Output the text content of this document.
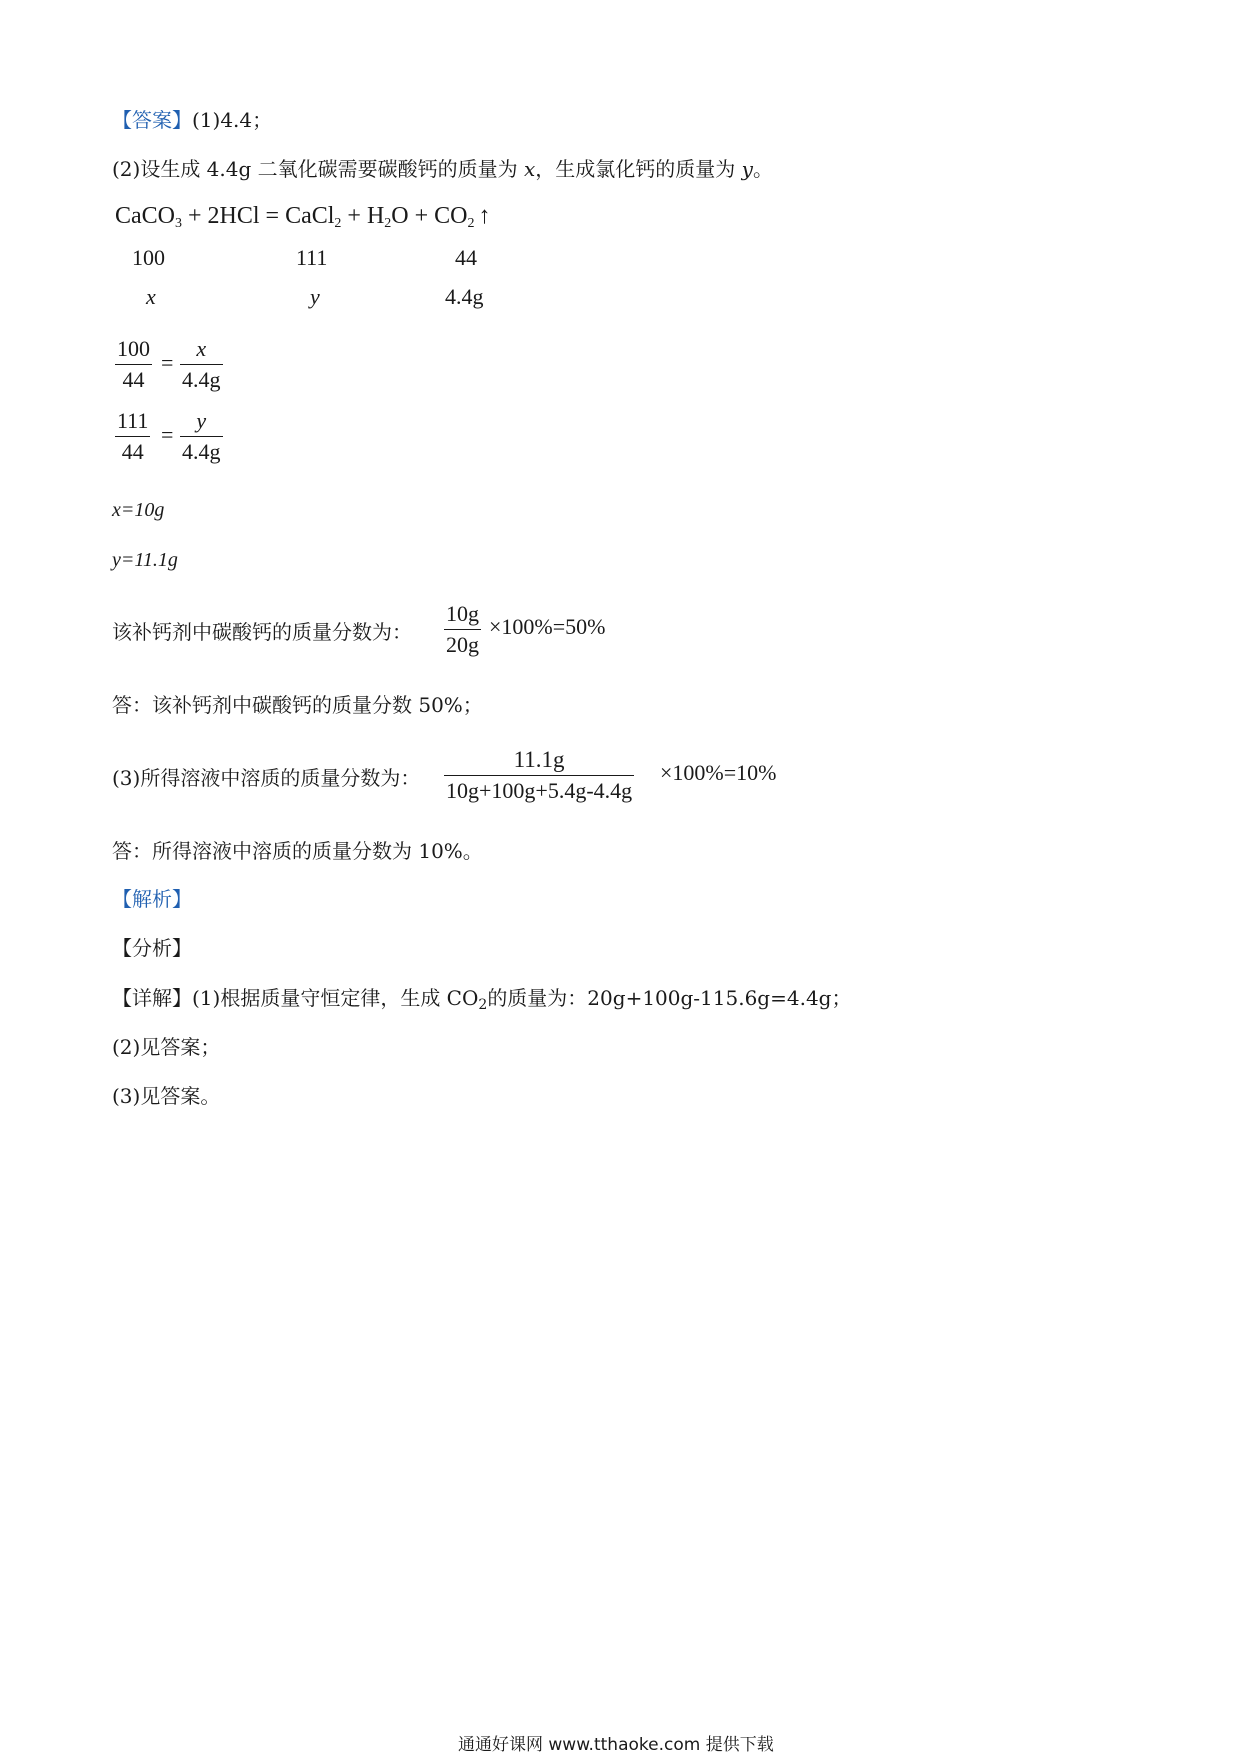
【答案】(1)4.4；
(2)设生成 4.4g 二氧化碳需要碳酸钙的质量为 x，生成氯化钙的质量为 y。
CaCO$_3$ + 2HCl = CaCl$_2$ + $H_2O + CO_2$ ↑
100	111	44
x	y	4.4g
100
44
=
x
4.4g
111
44
=
y
4.4g
x=10g
y=11.1g
该补钙剂中碳酸钙的质量分数为：
10g
20g
×100%=50%
答：该补钙剂中碳酸钙的质量分数 50%；
(3)所得溶液中溶质的质量分数为：
11.1g
10g+100g+5.4g-4.4g
×100%=10%
答：所得溶液中溶质的质量分数为 10%。
【解析】
【分析】
【详解】(1)根据质量守恒定律，生成 $CO_2$的质量为：20g+100g-115.6g=4.4g；
(2)见答案；
(3)见答案。
通通好课网 www.tthaoke.com 提供下载
